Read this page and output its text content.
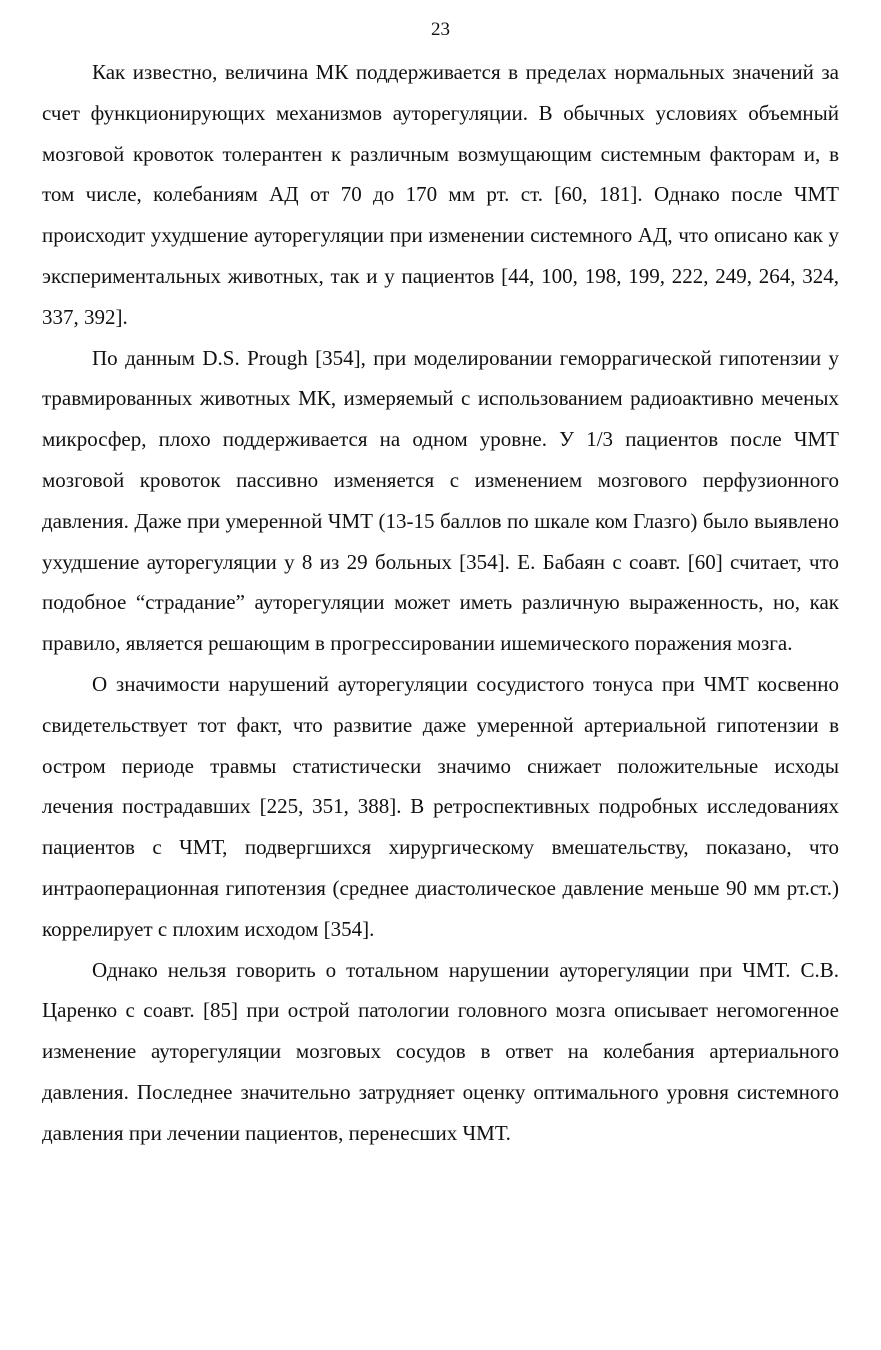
23

Как известно, величина МК поддерживается в пределах нормальных значений за счет функционирующих механизмов ауторегуляции. В обычных условиях объемный мозговой кровоток толерантен к различным возмущающим системным факторам и, в том числе, колебаниям АД от 70 до 170 мм рт. ст. [60, 181]. Однако после ЧМТ происходит ухудшение ауторегуляции при изменении системного АД, что описано как у экспериментальных животных, так и у пациентов [44, 100, 198, 199, 222, 249, 264, 324, 337, 392].

По данным D.S. Prough [354], при моделировании геморрагической гипотензии у травмированных животных МК, измеряемый с использованием радиоактивно меченых микросфер, плохо поддерживается на одном уровне. У 1/3 пациентов после ЧМТ мозговой кровоток пассивно изменяется с изменением мозгового перфузионного давления. Даже при умеренной ЧМТ (13-15 баллов по шкале ком Глазго) было выявлено ухудшение ауторегуляции у 8 из 29 больных [354]. Е. Бабаян с соавт. [60] считает, что подобное “страдание” ауторегуляции может иметь различную выраженность, но, как правило, является решающим в прогрессировании ишемического поражения мозга.

О значимости нарушений ауторегуляции сосудистого тонуса при ЧМТ косвенно свидетельствует тот факт, что развитие даже умеренной артериальной гипотензии в остром периоде травмы статистически значимо снижает положительные исходы лечения пострадавших [225, 351, 388]. В ретроспективных подробных исследованиях пациентов с ЧМТ, подвергшихся хирургическому вмешательству, показано, что интраоперационная гипотензия (среднее диастолическое давление меньше 90 мм рт.ст.) коррелирует с плохим исходом [354].

Однако нельзя говорить о тотальном нарушении ауторегуляции при ЧМТ. С.В. Царенко с соавт. [85] при острой патологии головного мозга описывает негомогенное изменение ауторегуляции мозговых сосудов в ответ на колебания артериального давления. Последнее значительно затрудняет оценку оптимального уровня системного давления при лечении пациентов, перенесших ЧМТ.
